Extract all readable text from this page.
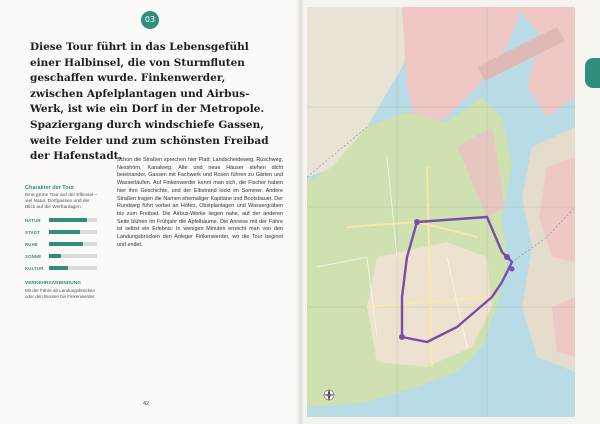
03

Diese Tour führt in das Lebensgefühl einer Halbinsel, die von Sturmfluten geschaffen wurde. Finkenwerder, zwischen Apfelplantagen und Airbus-Werk, ist wie ein Dorf in der Metropole. Spaziergang durch windschiefe Gassen, weite Felder und zum schönsten Freibad der Hafenstadt.

Charakter der Tour

Eine grüne Tour auf der Elbinsel – viel Natur, Dorfgassen und der Blick auf die Werftanlagen.

NATUR
STADT
RUHE
SONNE
KULTUR

VERKEHRSANBINDUNG

Mit der Fähre ab Landungsbrücken oder den Bussen bis Finkenwerder.

Schon die Straßen sprechen hier Platt: Landscheideweg, Rüschweg, Nesshörn, Kanalweg. Alte und neue Häuser stehen dicht beieinander, Gassen mit Fachwerk und Rosen führen zu Gärten und Wasserläufen. Auf Finkenwerder kennt man sich, die Fischer haben hier ihre Geschichte, und der Elbstrand lockt im Sommer. Andere Straßen tragen die Namen ehemaliger Kapitäne und Bootsbauer. Der Rundweg führt vorbei an Höfen, Obstplantagen und Wassergräben bis zum Freibad. Die Airbus-Werke liegen nahe, auf der anderen Seite blühen im Frühjahr die Apfelbäume. Die Anreise mit der Fähre ist selbst ein Erlebnis: In wenigen Minuten erreicht man von den Landungsbrücken den Anleger Finkenwerder, wo die Tour beginnt und endet.

42
